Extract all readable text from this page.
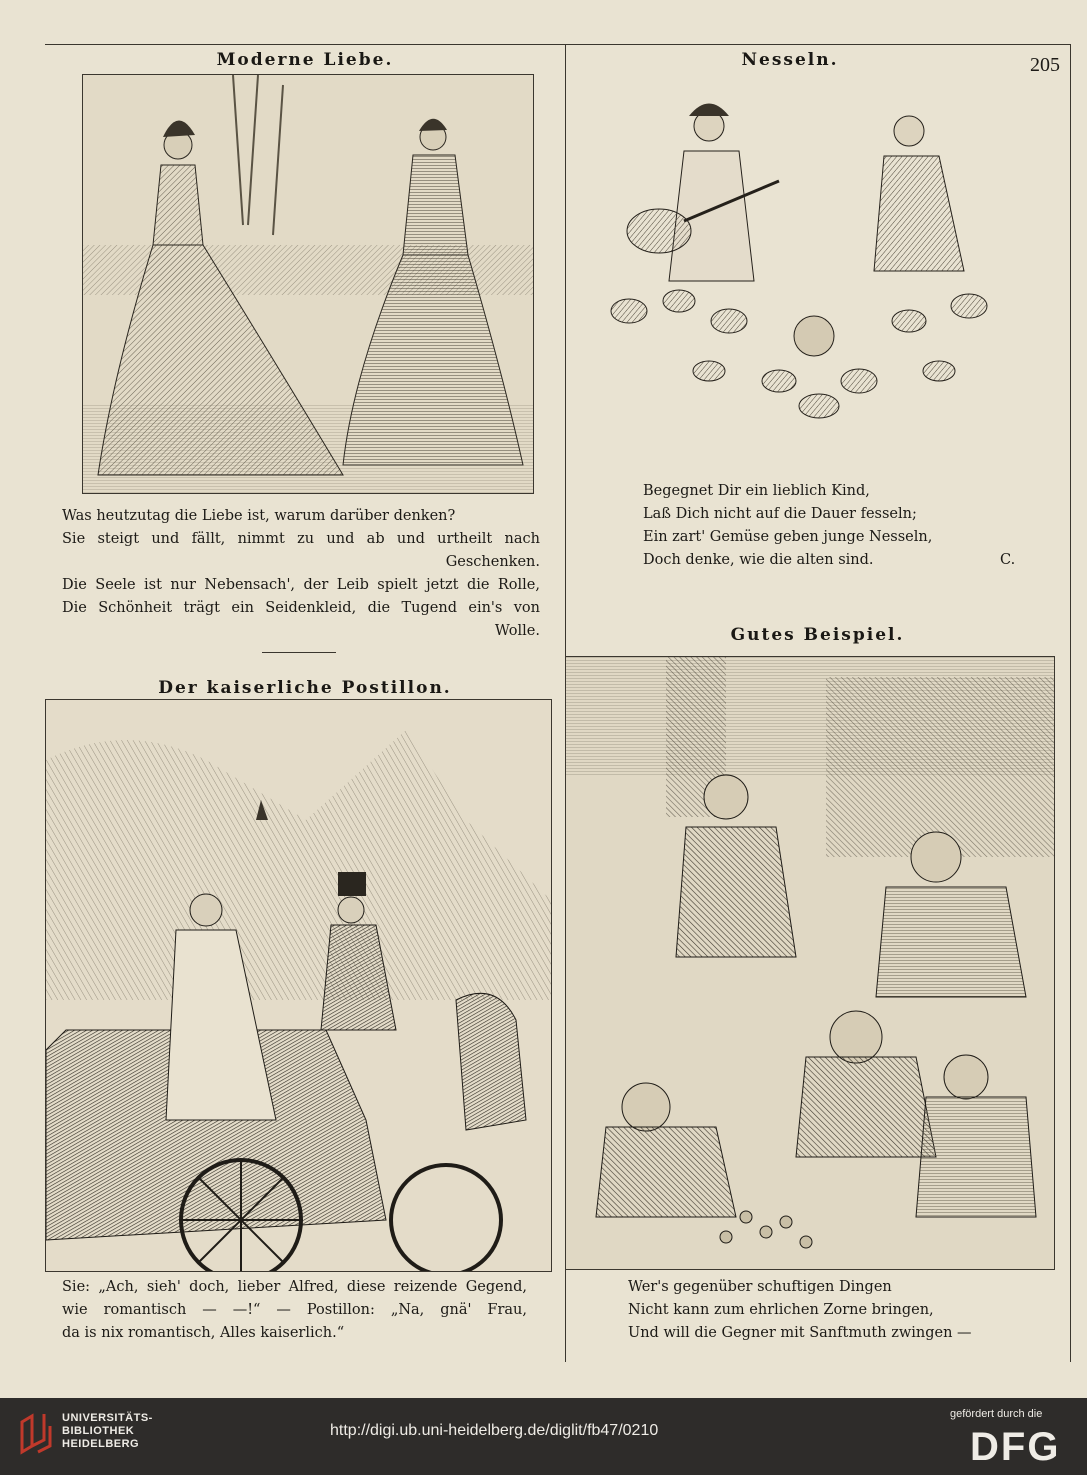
205
Moderne Liebe.
Was heutzutag die Liebe ist, warum darüber denken?
Sie steigt und fällt, nimmt zu und ab und urtheilt nach
Geschenken.
Die Seele ist nur Nebensach', der Leib spielt jetzt die Rolle,
Die Schönheit trägt ein Seidenkleid, die Tugend ein's von
Wolle.
Der kaiserliche Postillon.
Sie: „Ach, sieh' doch, lieber Alfred, diese reizende Gegend,
wie romantisch — —!“ — Postillon: „Na, gnä' Frau,
da is nix romantisch, Alles kaiserlich.“
Nesseln.
Begegnet Dir ein lieblich Kind,
Laß Dich nicht auf die Dauer fesseln;
Ein zart' Gemüse geben junge Nesseln,
Doch denke, wie die alten sind.	C.
Gutes Beispiel.
Wer's gegenüber schuftigen Dingen
Nicht kann zum ehrlichen Zorne bringen,
Und will die Gegner mit Sanftmuth zwingen —
UNIVERSITÄTS-
BIBLIOTHEK
HEIDELBERG
http://digi.ub.uni-heidelberg.de/diglit/fb47/0210
gefördert durch die
DFG
